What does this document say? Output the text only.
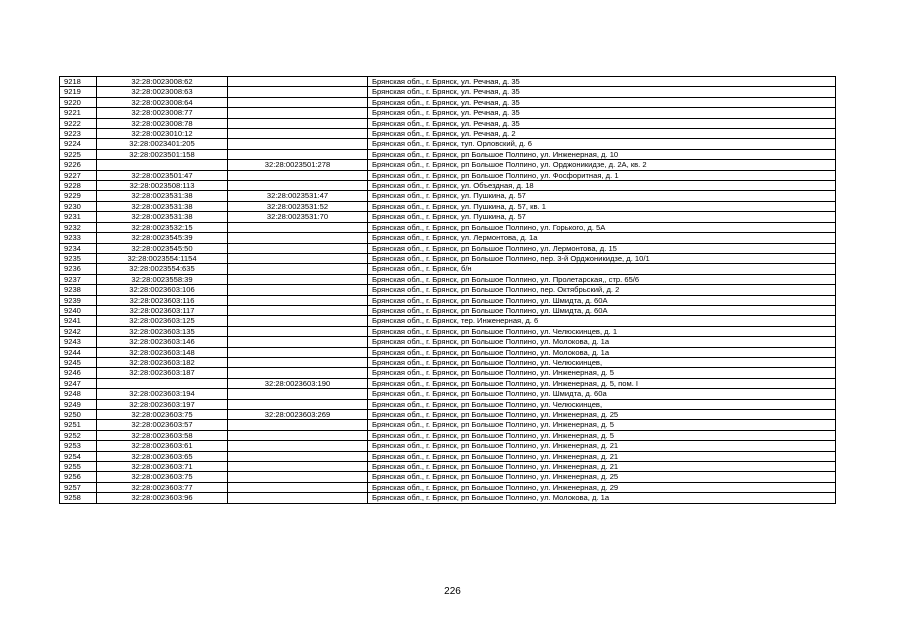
9218	32:28:0023008:62		Брянская обл., г. Брянск, ул. Речная, д. 35
9219	32:28:0023008:63		Брянская обл., г. Брянск, ул. Речная, д. 35
9220	32:28:0023008:64		Брянская обл., г. Брянск, ул. Речная, д. 35
9221	32:28:0023008:77		Брянская обл., г. Брянск, ул. Речная, д. 35
9222	32:28:0023008:78		Брянская обл., г. Брянск, ул. Речная, д. 35
9223	32:28:0023010:12		Брянская обл., г. Брянск, ул. Речная, д. 2
9224	32:28:0023401:205		Брянская обл., г. Брянск, туп. Орловский, д. 6
9225	32:28:0023501:158		Брянская обл., г. Брянск, рп Большое Полпино, ул. Инженерная, д. 10
9226		32:28:0023501:278	Брянская обл., г. Брянск, рп Большое Полпино, ул. Орджоникидзе, д. 2А, кв. 2
9227	32:28:0023501:47		Брянская обл., г. Брянск, рп Большое Полпино, ул. Фосфоритная, д. 1
9228	32:28:0023508:113		Брянская обл., г. Брянск, ул. Объездная, д. 18
9229	32:28:0023531:38	32:28:0023531:47	Брянская обл., г. Брянск, ул. Пушкина, д. 57
9230	32:28:0023531:38	32:28:0023531:52	Брянская обл., г. Брянск, ул. Пушкина, д. 57, кв. 1
9231	32:28:0023531:38	32:28:0023531:70	Брянская обл., г. Брянск, ул. Пушкина, д. 57
9232	32:28:0023532:15		Брянская обл., г. Брянск, рп Большое Полпино, ул. Горького, д. 5А
9233	32:28:0023545:39		Брянская обл., г. Брянск, ул. Лермонтова, д. 1а
9234	32:28:0023545:50		Брянская обл., г. Брянск, рп Большое Полпино, ул. Лермонтова, д. 15
9235	32:28:0023554:1154		Брянская обл., г. Брянск, рп Большое Полпино, пер. 3-й Орджоникидзе, д. 10/1
9236	32:28:0023554:635		Брянская обл., г. Брянск, б/н
9237	32:28:0023558:39		Брянская обл., г. Брянск, рп Большое Полпино, ул. Пролетарская,, стр. 65/6
9238	32:28:0023603:106		Брянская обл., г. Брянск, рп Большое Полпино, пер. Октябрьский, д. 2
9239	32:28:0023603:116		Брянская обл., г. Брянск, рп Большое Полпино, ул. Шмидта, д. 60А
9240	32:28:0023603:117		Брянская обл., г. Брянск, рп Большое Полпино, ул. Шмидта, д. 60А
9241	32:28:0023603:125		Брянская обл., г. Брянск, тер. Инженерная, д. 6
9242	32:28:0023603:135		Брянская обл., г. Брянск, рп Большое Полпино, ул. Челюскинцев, д. 1
9243	32:28:0023603:146		Брянская обл., г. Брянск, рп Большое Полпино, ул. Молокова, д. 1а
9244	32:28:0023603:148		Брянская обл., г. Брянск, рп Большое Полпино, ул. Молокова, д. 1а
9245	32:28:0023603:182		Брянская обл., г. Брянск, рп Большое Полпино, ул. Челюскинцев,
9246	32:28:0023603:187		Брянская обл., г. Брянск, рп Большое Полпино, ул. Инженерная, д. 5
9247		32:28:0023603:190	Брянская обл., г. Брянск, рп Большое Полпино, ул. Инженерная, д. 5, пом. I
9248	32:28:0023603:194		Брянская обл., г. Брянск, рп Большое Полпино, ул. Шмидта, д. 60а
9249	32:28:0023603:197		Брянская обл., г. Брянск, рп Большое Полпино, ул. Челюскинцев,
9250	32:28:0023603:75	32:28:0023603:269	Брянская обл., г. Брянск, рп Большое Полпино, ул. Инженерная, д. 25
9251	32:28:0023603:57		Брянская обл., г. Брянск, рп Большое Полпино, ул. Инженерная, д. 5
9252	32:28:0023603:58		Брянская обл., г. Брянск, рп Большое Полпино, ул. Инженерная, д. 5
9253	32:28:0023603:61		Брянская обл., г. Брянск, рп Большое Полпино, ул. Инженерная, д. 21
9254	32:28:0023603:65		Брянская обл., г. Брянск, рп Большое Полпино, ул. Инженерная, д. 21
9255	32:28:0023603:71		Брянская обл., г. Брянск, рп Большое Полпино, ул. Инженерная, д. 21
9256	32:28:0023603:75		Брянская обл., г. Брянск, рп Большое Полпино, ул. Инженерная, д. 25
9257	32:28:0023603:77		Брянская обл., г. Брянск, рп Большое Полпино, ул. Инженерная, д. 29
9258	32:28:0023603:96		Брянская обл., г. Брянск, рп Большое Полпино, ул. Молокова, д. 1а
226
